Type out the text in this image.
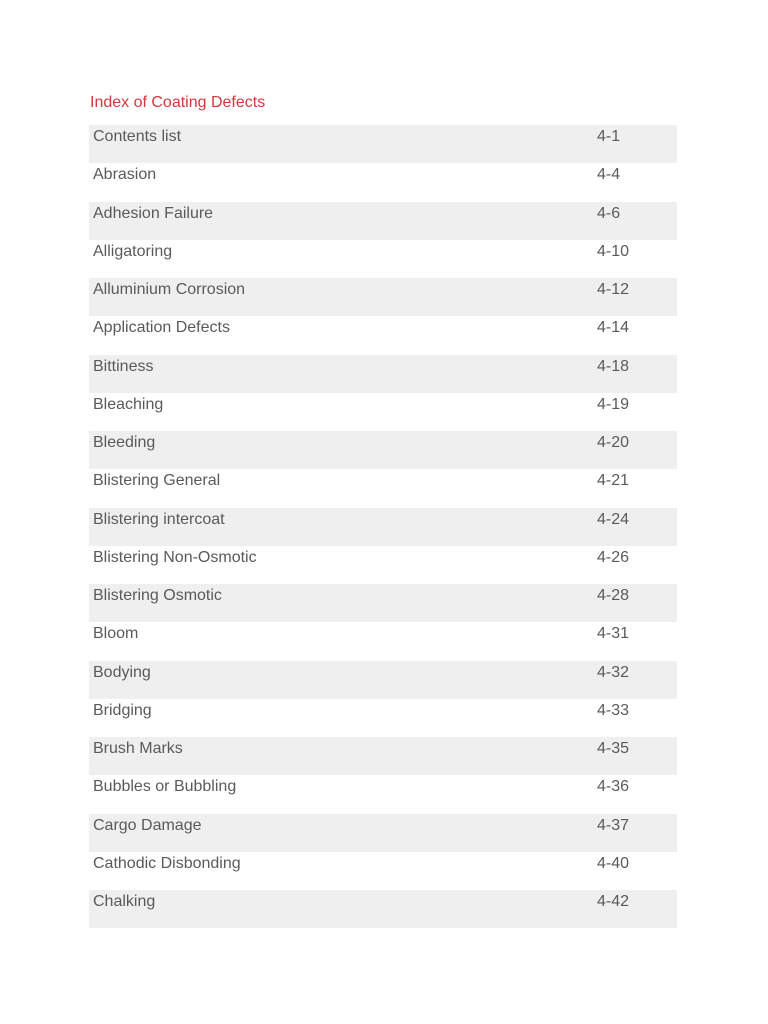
Index of Coating Defects
Contents list	4-1
Abrasion	4-4
Adhesion Failure	4-6
Alligatoring	4-10
Alluminium Corrosion	4-12
Application Defects	4-14
Bittiness	4-18
Bleaching	4-19
Bleeding	4-20
Blistering General	4-21
Blistering intercoat	4-24
Blistering Non-Osmotic	4-26
Blistering Osmotic	4-28
Bloom	4-31
Bodying	4-32
Bridging	4-33
Brush Marks	4-35
Bubbles or Bubbling	4-36
Cargo Damage	4-37
Cathodic Disbonding	4-40
Chalking	4-42
